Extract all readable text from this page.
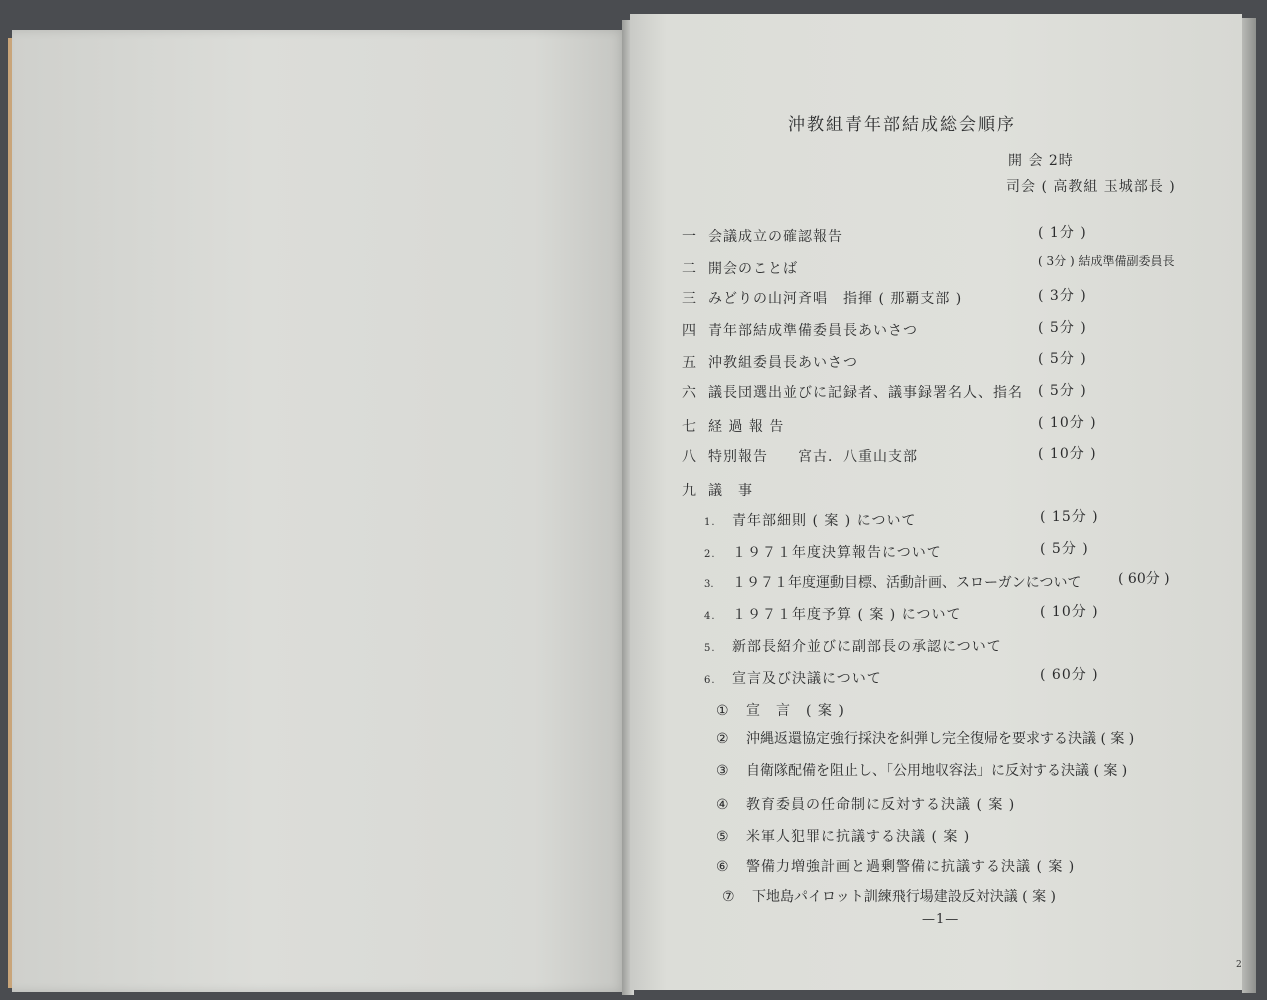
沖教組青年部結成総会順序
開 会 2時
司会 ( 高教組 玉城部長 )
一 会議成立の確認報告	( 1分 )
二 開会のことば	( 3分 ) 結成準備副委員長
三 みどりの山河斉唱　指揮 ( 那覇支部 )	( 3分 )
四 青年部結成準備委員長あいさつ	( 5分 )
五 沖教組委員長あいさつ	( 5分 )
六 議長団選出並びに記録者、議事録署名人、指名 ( 5分 )
七 経 過 報 告	( 10分 )
八 特別報告　　宮古．八重山支部	( 10分 )
九 議　事
1. 青年部細則 ( 案 ) について	( 15分 )
2. １９７１年度決算報告について	( 5分 )
3. １９７１年度運動目標、活動計画、スローガンについて	( 60分 )
4. １９７１年度予算 ( 案 ) について	( 10分 )
5. 新部長紹介並びに副部長の承認について
6. 宣言及び決議について	( 60分 )
① 宣　言　( 案 )
② 沖縄返還協定強行採決を糾弾し完全復帰を要求する決議 ( 案 )
③ 自衛隊配備を阻止し、「公用地収容法」に反対する決議 ( 案 )
④ 教育委員の任命制に反対する決議 ( 案 )
⑤ 米軍人犯罪に抗議する決議 ( 案 )
⑥ 警備力増強計画と過剰警備に抗議する決議 ( 案 )
⑦ 下地島パイロット訓練飛行場建設反対決議 ( 案 )
—1—
2
